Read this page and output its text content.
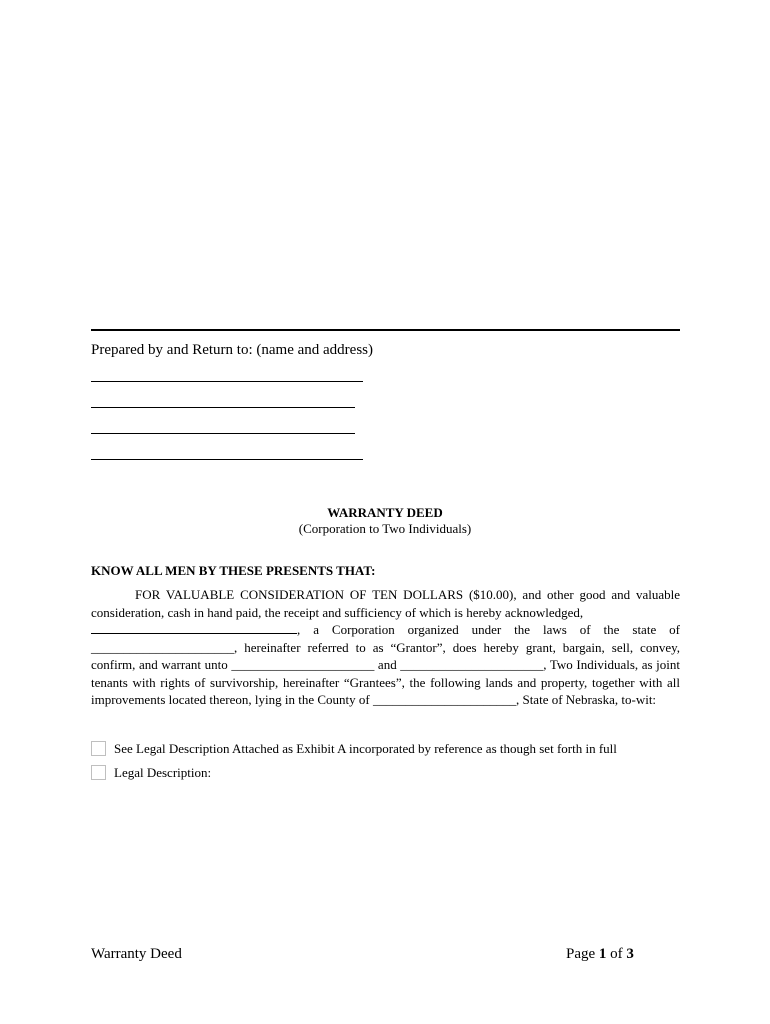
Prepared by and Return to: (name and address)
WARRANTY DEED
(Corporation to Two Individuals)
KNOW ALL MEN BY THESE PRESENTS THAT:

FOR VALUABLE CONSIDERATION OF TEN DOLLARS ($10.00), and other good and valuable consideration, cash in hand paid, the receipt and sufficiency of which is hereby acknowledged,

, a Corporation organized under the laws of the state of

______________________, hereinafter referred to as “Grantor”, does hereby grant, bargain, sell, convey, confirm, and warrant unto ______________________ and ______________________, Two Individuals, as joint tenants with rights of survivorship, hereinafter “Grantees”, the following lands and property, together with all improvements located thereon, lying in the County of ______________________, State of Nebraska, to-wit:

See Legal Description Attached as Exhibit A incorporated by reference as though set forth in full
Legal Description:
Warranty Deed	Page 1 of 3
